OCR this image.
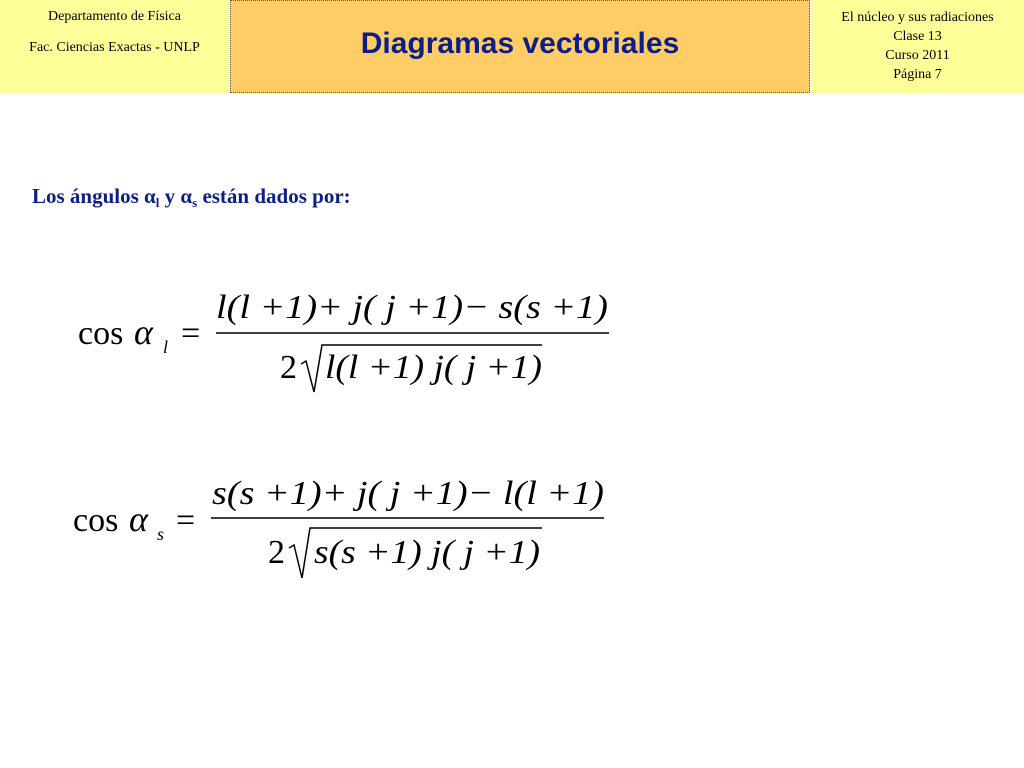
Departamento de Física
Fac. Ciencias Exactas - UNLP	Diagramas vectoriales
El núcleo y sus radiaciones
Clase 13
Curso 2011
Página 7
Los ángulos $\alpha_l$ y $\alpha_s$ están dados por:
cos α l =
l(l +1)+ j( j +1)− s(s +1)
2 l(l +1) j( j +1)
cos α s =
s(s +1)+ j( j +1)− l(l +1)
2 s(s +1) j( j +1)
